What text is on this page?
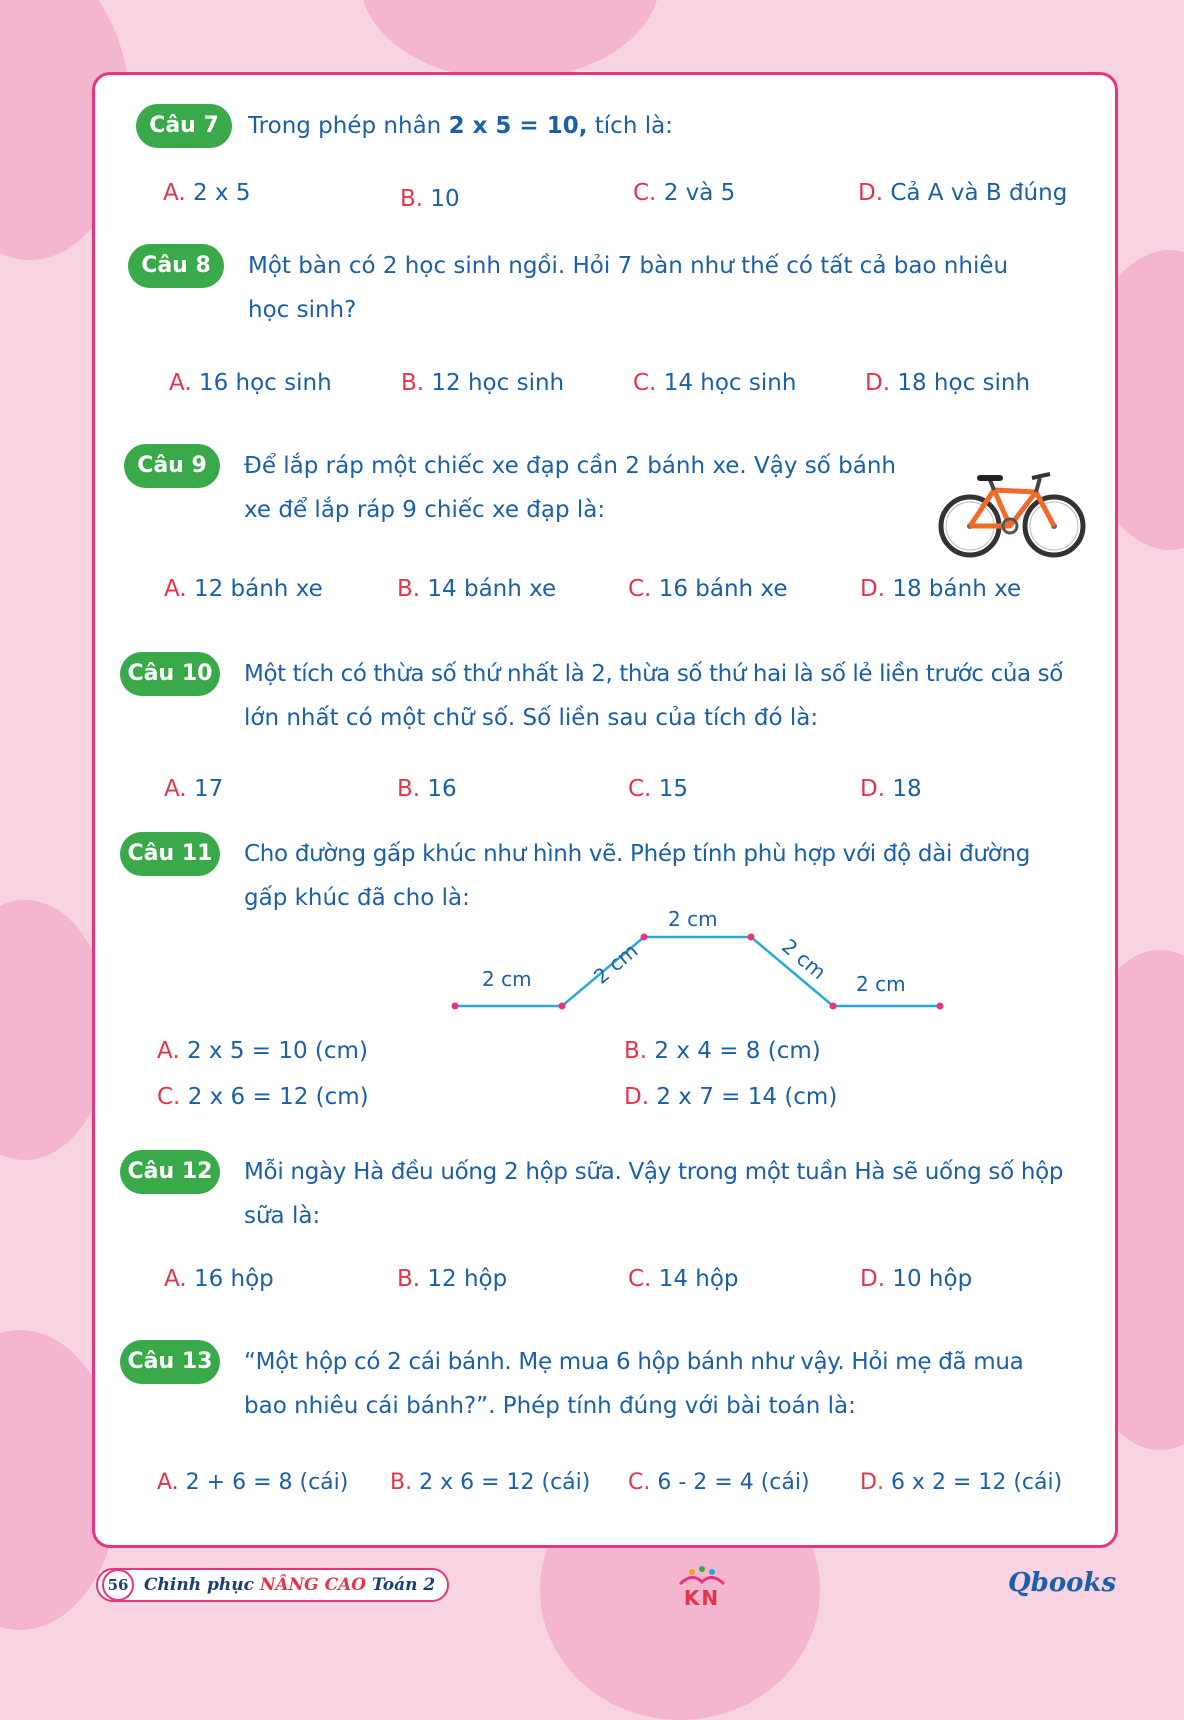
Câu 7	Trong phép nhân 2 x 5 = 10, tích là:
A. 2 x 5	B. 10	C. 2 và 5	D. Cả A và B đúng
Câu 8	Một bàn có 2 học sinh ngồi. Hỏi 7 bàn như thế có tất cả bao nhiêu
học sinh?
A. 16 học sinh	B. 12 học sinh	C. 14 học sinh	D. 18 học sinh
Câu 9	Để lắp ráp một chiếc xe đạp cần 2 bánh xe. Vậy số bánh
xe để lắp ráp 9 chiếc xe đạp là:
A. 12 bánh xe	B. 14 bánh xe	C. 16 bánh xe	D. 18 bánh xe
Câu 10	Một tích có thừa số thứ nhất là 2, thừa số thứ hai là số lẻ liền trước của số
lớn nhất có một chữ số. Số liền sau của tích đó là:
A. 17	B. 16	C. 15	D. 18
Câu 11	Cho đường gấp khúc như hình vẽ. Phép tính phù hợp với độ dài đường
gấp khúc đã cho là:
2 cm	2 cm
2 cm
2 cm 2 cm
A. 2 x 5 = 10 (cm)	B. 2 x 4 = 8 (cm)
C. 2 x 6 = 12 (cm)	D. 2 x 7 = 14 (cm)
Câu 12	Mỗi ngày Hà đều uống 2 hộp sữa. Vậy trong một tuần Hà sẽ uống số hộp
sữa là:
A. 16 hộp	B. 12 hộp	C. 14 hộp	D. 10 hộp
Câu 13	“Một hộp có 2 cái bánh. Mẹ mua 6 hộp bánh như vậy. Hỏi mẹ đã mua
bao nhiêu cái bánh?”. Phép tính đúng với bài toán là:
A. 2 + 6 = 8 (cái) B. 2 x 6 = 12 (cái) C. 6 - 2 = 4 (cái) D. 6 x 2 = 12 (cái)
56 Chinh phục NÂNG CAO Toán 2
KN	Qbooks
